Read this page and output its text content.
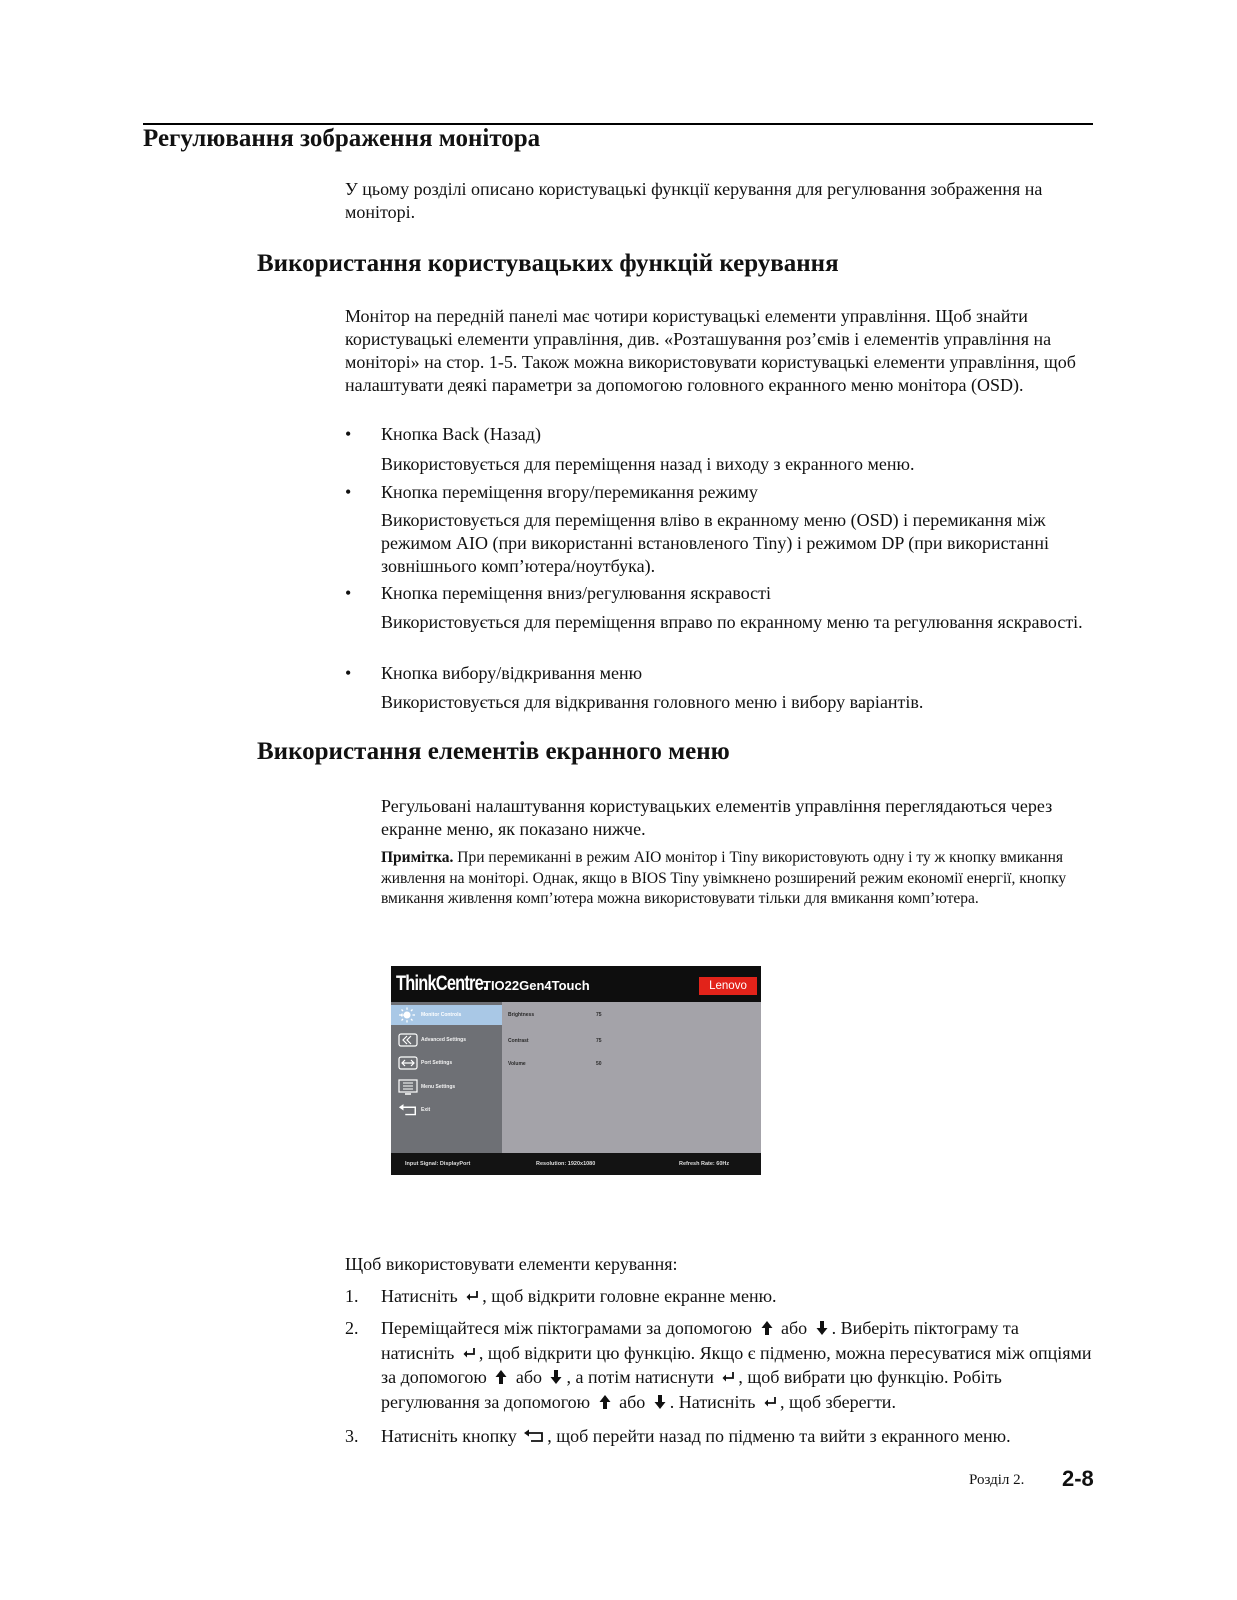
Регулювання зображення монітора

У цьому розділі описано користувацькі функції керування для регулювання зображення на моніторі.

Використання користувацьких функцій керування

Монітор на передній панелі має чотири користувацькі елементи управління. Щоб знайти користувацькі елементи управління, див. «Розташування роз’ємів і елементів управління на моніторі» на стор. 1-5. Також можна використовувати користувацькі елементи управління, щоб налаштувати деякі параметри за допомогою головного екранного меню монітора (OSD).

• Кнопка Back (Назад)

Використовується для переміщення назад і виходу з екранного меню.

• Кнопка переміщення вгору/перемикання режиму

Використовується для переміщення вліво в екранному меню (OSD) і перемикання між режимом AIO (при використанні встановленого Tiny) і режимом DP (при використанні зовнішнього комп’ютера/ноутбука).

• Кнопка переміщення вниз/регулювання яскравості

Використовується для переміщення вправо по екранному меню та регулювання яскравості.

• Кнопка вибору/відкривання меню

Використовується для відкривання головного меню і вибору варіантів.

Використання елементів екранного меню

Регульовані налаштування користувацьких елементів управління переглядаються через екранне меню, як показано нижче.

Примітка. При перемиканні в режим AIO монітор і Tiny використовують одну і ту ж кнопку вмикання живлення на моніторі. Однак, якщо в BIOS Tiny увімкнено розширений режим економії енергії, кнопку вмикання живлення комп’ютера можна використовувати тільки для вмикання комп’ютера.

ThinkCentre.
TIO22Gen4Touch	Lenovo
Monitor Controls
Advanced Settings
Port Settings
Menu Settings
Exit
Brightness	75
Contrast	75
Volume	50
Input Signal: DisplayPort	Resolution: 1920x1080	Refresh Rate: 60Hz

Щоб використовувати елементи керування:

1. Натисніть , щоб відкрити головне екранне меню.
2. Переміщайтеся між піктограмами за допомогою  або . Виберіть піктограму та натисніть , щоб відкрити цю функцію. Якщо є підменю, можна пересуватися між опціями за допомогою  або , а потім натиснути , щоб вибрати цю функцію. Робіть регулювання за допомогою  або . Натисніть , щоб зберегти.
3. Натисніть кнопку , щоб перейти назад по підменю та вийти з екранного меню.
Розділ 2. 2-8
